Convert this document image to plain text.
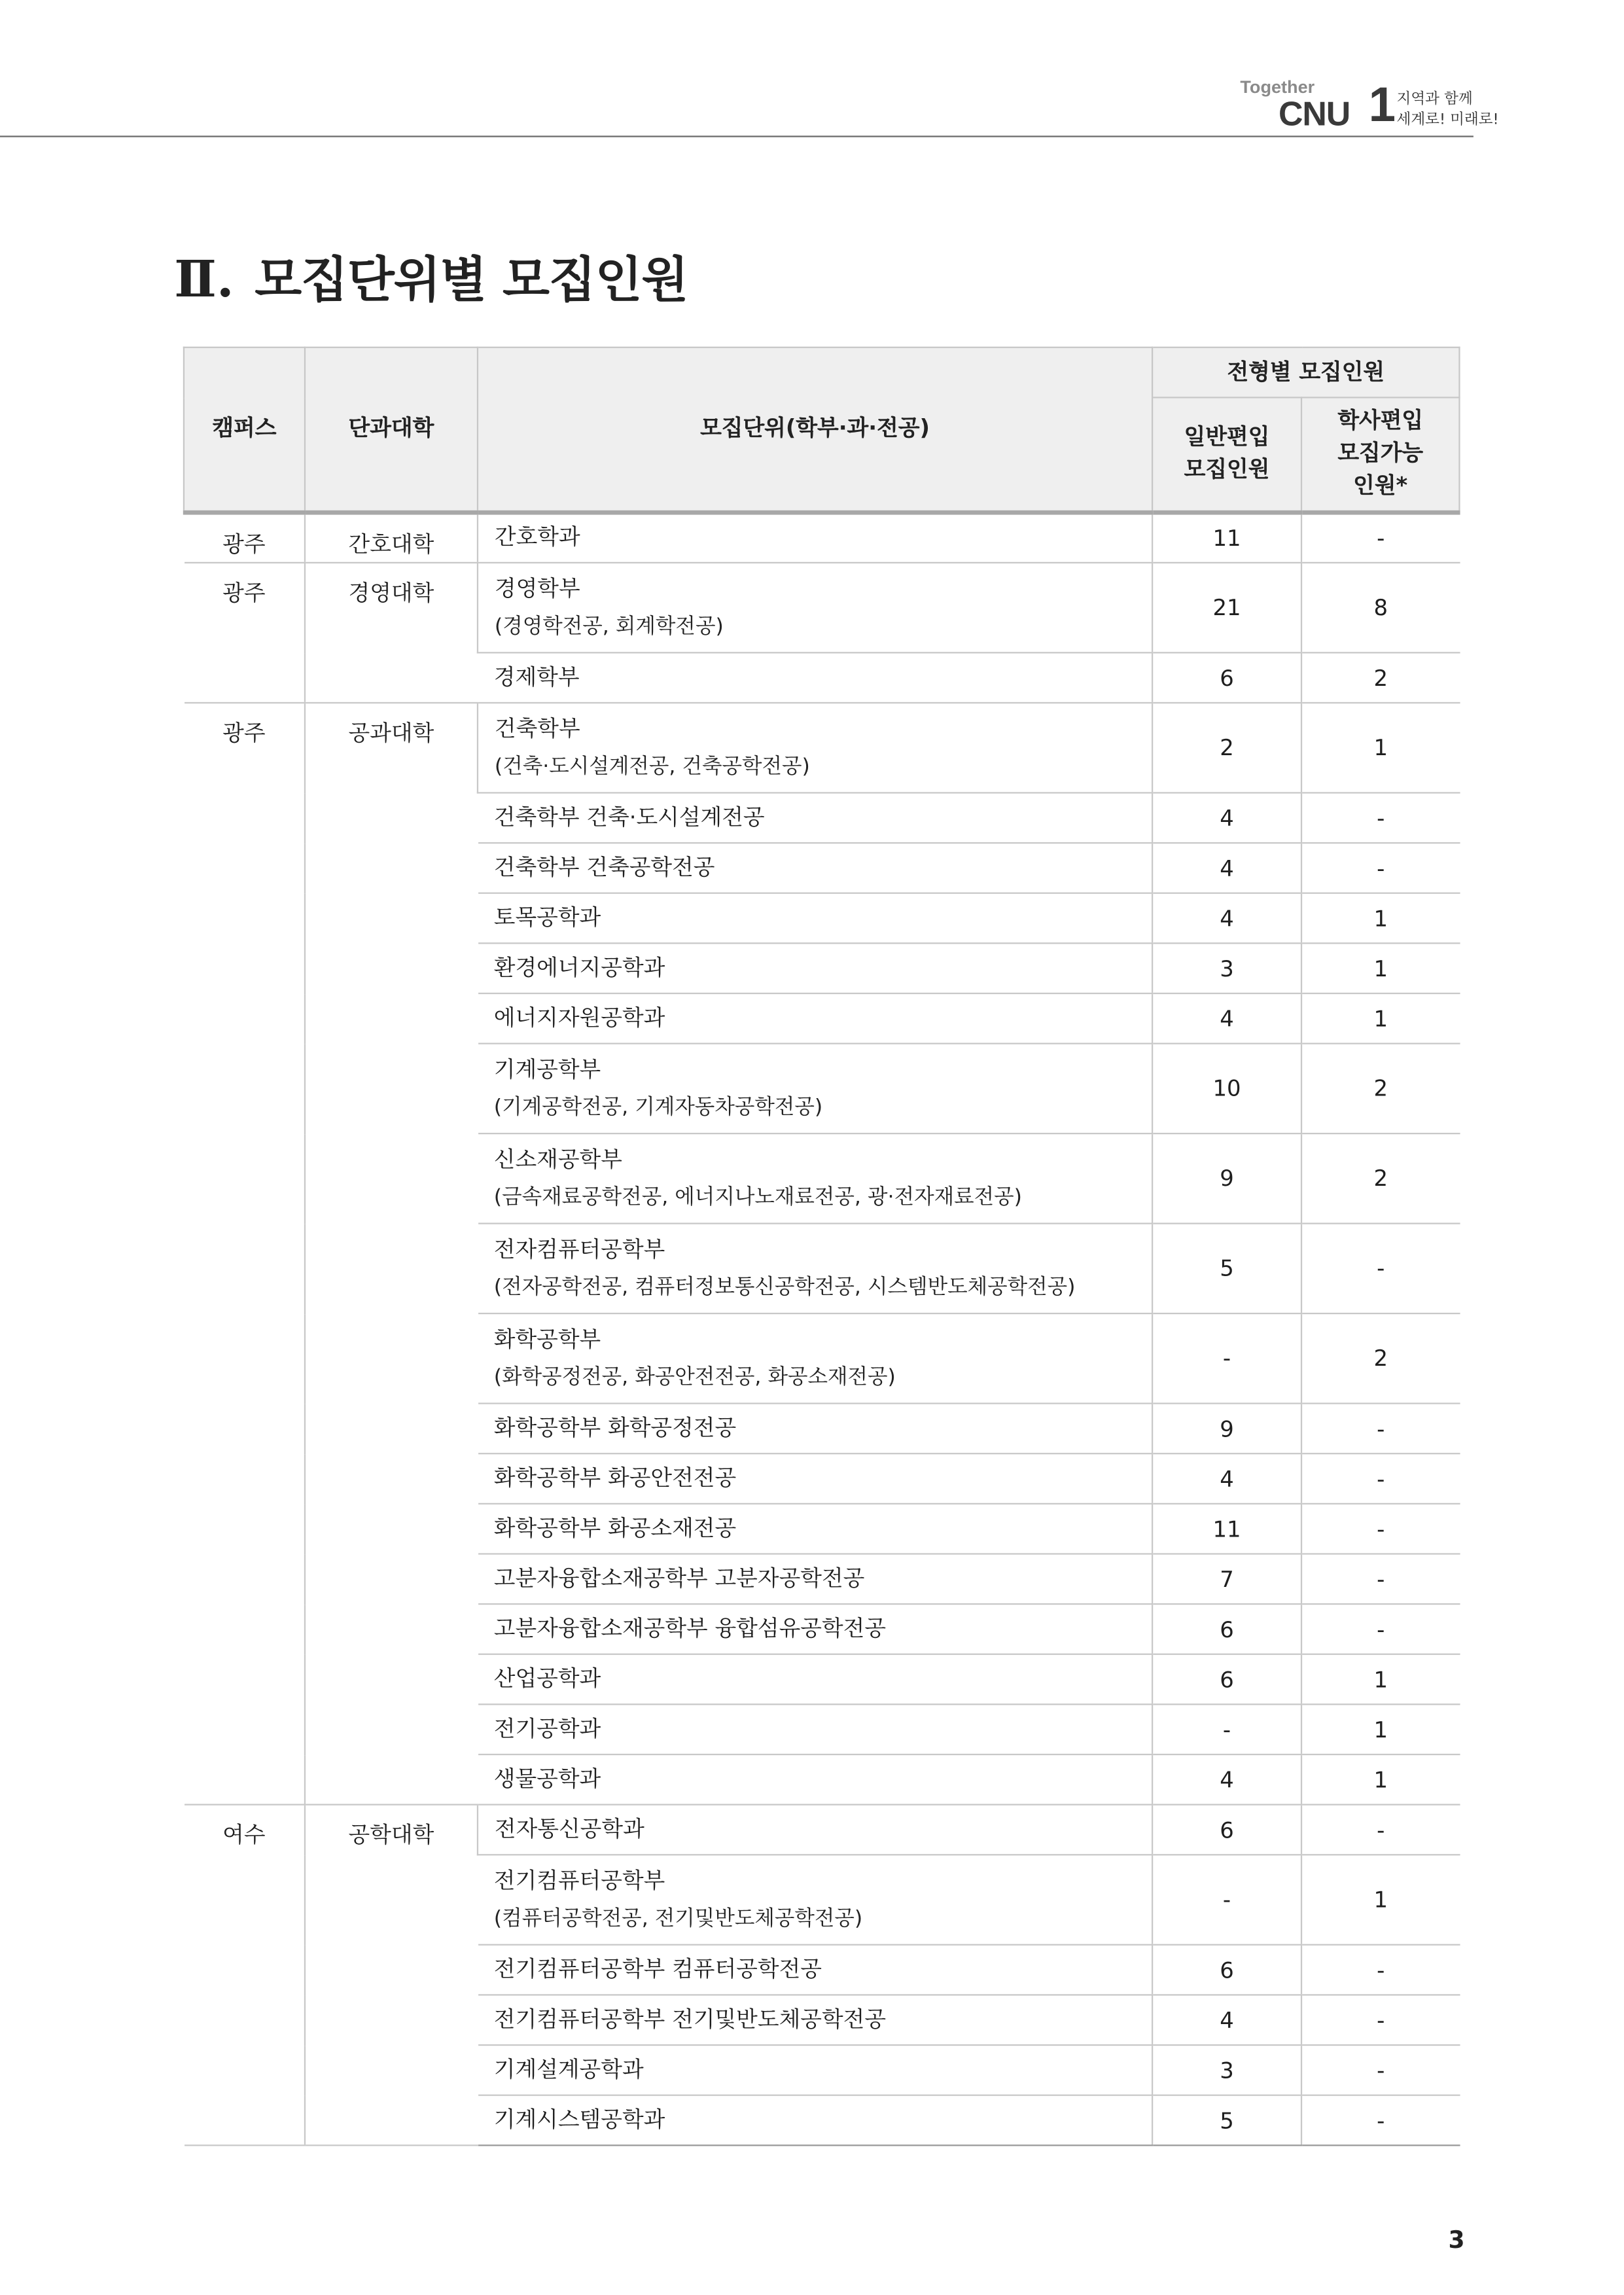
Together
CNU 1 지역과 함께
세계로! 미래로!
Ⅱ. 모집단위별 모집인원
캠퍼스	단과대학	모집단위(학부·과·전공)	전형별 모집인원	
			일반편입 모집인원	학사편입 모집가능 인원*
광주	간호대학	간호학과	11	-
광주	경영대학	경영학부
(경영학전공, 회계학전공)	21	8

		경제학부	6	2
광주	공과대학	건축학부
(건축·도시설계전공, 건축공학전공)	2	1

		건축학부 건축·도시설계전공	4	-

		건축학부 건축공학전공	4	-

		토목공학과	4	1

		환경에너지공학과	3	1

		에너지자원공학과	4	1

		기계공학부
(기계공학전공, 기계자동차공학전공)	10	2

		신소재공학부
(금속재료공학전공, 에너지나노재료전공, 광·전자재료전공)	9	2

		전자컴퓨터공학부
(전자공학전공, 컴퓨터정보통신공학전공, 시스템반도체공학전공)	5	-

		화학공학부
(화학공정전공, 화공안전전공, 화공소재전공)	-	2

		화학공학부 화학공정전공	9	-

		화학공학부 화공안전전공	4	-

		화학공학부 화공소재전공	11	-

		고분자융합소재공학부 고분자공학전공	7	-

		고분자융합소재공학부 융합섬유공학전공	6	-

		산업공학과	6	1

		전기공학과	-	1

		생물공학과	4	1
여수	공학대학	전자통신공학과	6	-

		전기컴퓨터공학부
(컴퓨터공학전공, 전기및반도체공학전공)	-	1

		전기컴퓨터공학부 컴퓨터공학전공	6	-

		전기컴퓨터공학부 전기및반도체공학전공	4	-

		기계설계공학과	3	-

		기계시스템공학과	5	-
3
